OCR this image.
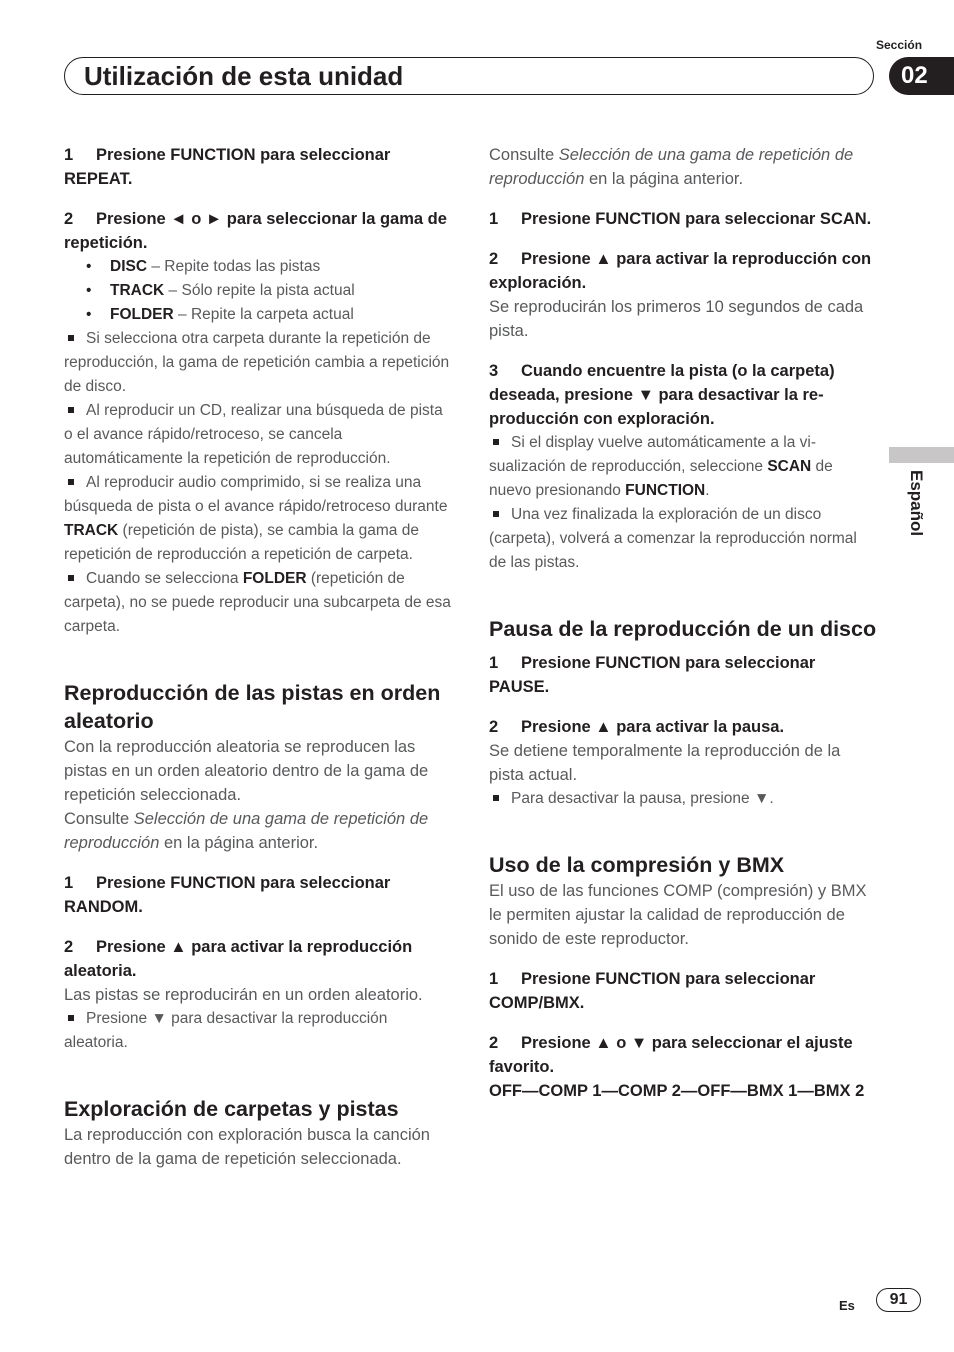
Sección
Utilización de esta unidad	02
Español

1 Presione FUNCTION para seleccionar REPEAT.

2 Presione ◄ o ► para seleccionar la gama de repetición.

• DISC – Repite todas las pistas
• TRACK – Sólo repite la pista actual
• FOLDER – Repite la carpeta actual

Si selecciona otra carpeta durante la repetición de reproducción, la gama de repetición cambia a repetición de disco.

Al reproducir un CD, realizar una búsqueda de pista o el avance rápido/retroceso, se cancela automáticamente la repetición de reproducción.

Al reproducir audio comprimido, si se realiza una búsqueda de pista o el avance rápido/retroceso durante TRACK (repetición de pista), se cambia la gama de repetición de reproducción a repetición de carpeta.

Cuando se selecciona FOLDER (repetición de carpeta), no se puede reproducir una subcarpeta de esa carpeta.

Reproducción de las pistas en orden aleatorio

Con la reproducción aleatoria se reproducen las pistas en un orden aleatorio dentro de la gama de repetición seleccionada.

Consulte Selección de una gama de repetición de reproducción en la página anterior.

1 Presione FUNCTION para seleccionar RANDOM.

2 Presione ▲ para activar la reproducción aleatoria.

Las pistas se reproducirán en un orden aleatorio.

Presione ▼ para desactivar la reproducción aleatoria.

Exploración de carpetas y pistas

La reproducción con exploración busca la canción dentro de la gama de repetición seleccionada.

Consulte Selección de una gama de repetición de reproducción en la página anterior.

1 Presione FUNCTION para seleccionar SCAN.

2 Presione ▲ para activar la reproducción con exploración.

Se reproducirán los primeros 10 segundos de cada pista.

3 Cuando encuentre la pista (o la carpeta) deseada, presione ▼ para desactivar la reproducción con exploración.

Si el display vuelve automáticamente a la visualización de reproducción, seleccione SCAN de nuevo presionando FUNCTION.

Una vez finalizada la exploración de un disco (carpeta), volverá a comenzar la reproducción normal de las pistas.

Pausa de la reproducción de un disco

1 Presione FUNCTION para seleccionar PAUSE.

2 Presione ▲ para activar la pausa.

Se detiene temporalmente la reproducción de la pista actual.

Para desactivar la pausa, presione ▼.

Uso de la compresión y BMX

El uso de las funciones COMP (compresión) y BMX le permiten ajustar la calidad de reproducción de sonido de este reproductor.

1 Presione FUNCTION para seleccionar COMP/BMX.

2 Presione ▲ o ▼ para seleccionar el ajuste favorito.

OFF—COMP 1—COMP 2—OFF—BMX 1—BMX 2

Es	91
